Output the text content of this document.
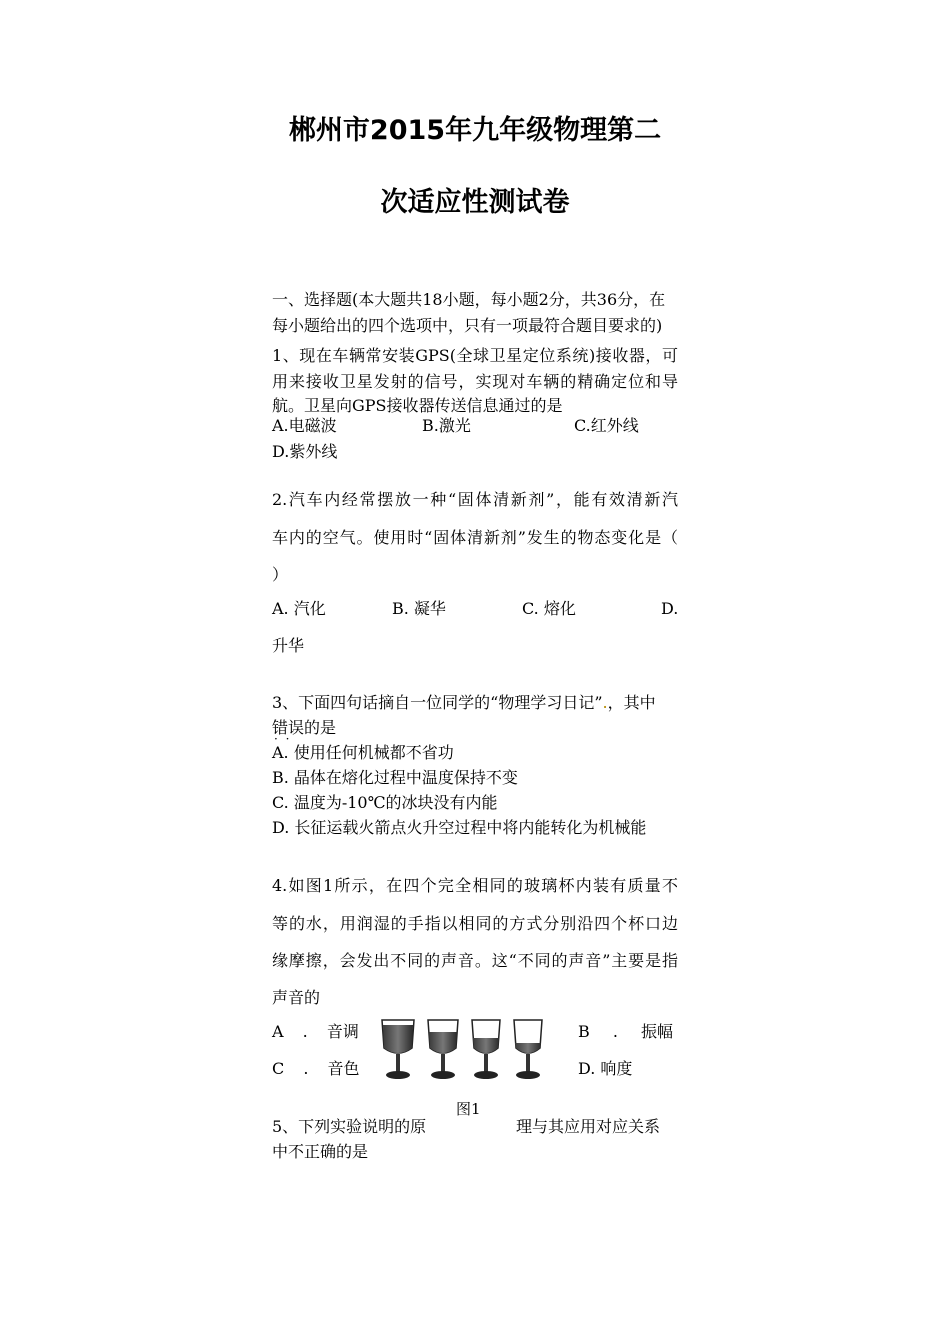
郴州市2015年九年级物理第二
次适应性测试卷
一、选择题(本大题共18小题，每小题2分，共36分，在
每小题给出的四个选项中，只有一项最符合题目要求的)
1、现在车辆常安装GPS(全球卫星定位系统)接收器，可
用来接收卫星发射的信号，实现对车辆的精确定位和导
航。卫星向GPS接收器传送信息通过的是
A.电磁波	B.激光	C.红外线
D.紫外线
2.汽车内经常摆放一种“固体清新剂”，能有效清新汽
车内的空气。使用时“固体清新剂”发生的物态变化是（
）
A. 汽化	B. 凝华	C. 熔化	D.
升华
3、下面四句话摘自一位同学的“物理学习日记”.，其中
错误 · ·的是
A. 使用任何机械都不省功
B. 晶体在熔化过程中温度保持不变
C. 温度为-10℃的冰块没有内能
D. 长征运载火箭点火升空过程中将内能转化为机械能
4.如图1所示，在四个完全相同的玻璃杯内装有质量不
等的水，用润湿的手指以相同的方式分别沿四个杯口边
缘摩擦，会发出不同的声音。这“不同的声音”主要是指
声音的
A . 音调	B . 振幅
C . 音色	D. 响度
图1
5、下列实验说明的原	理与其应用对应关系
中不正确的是
